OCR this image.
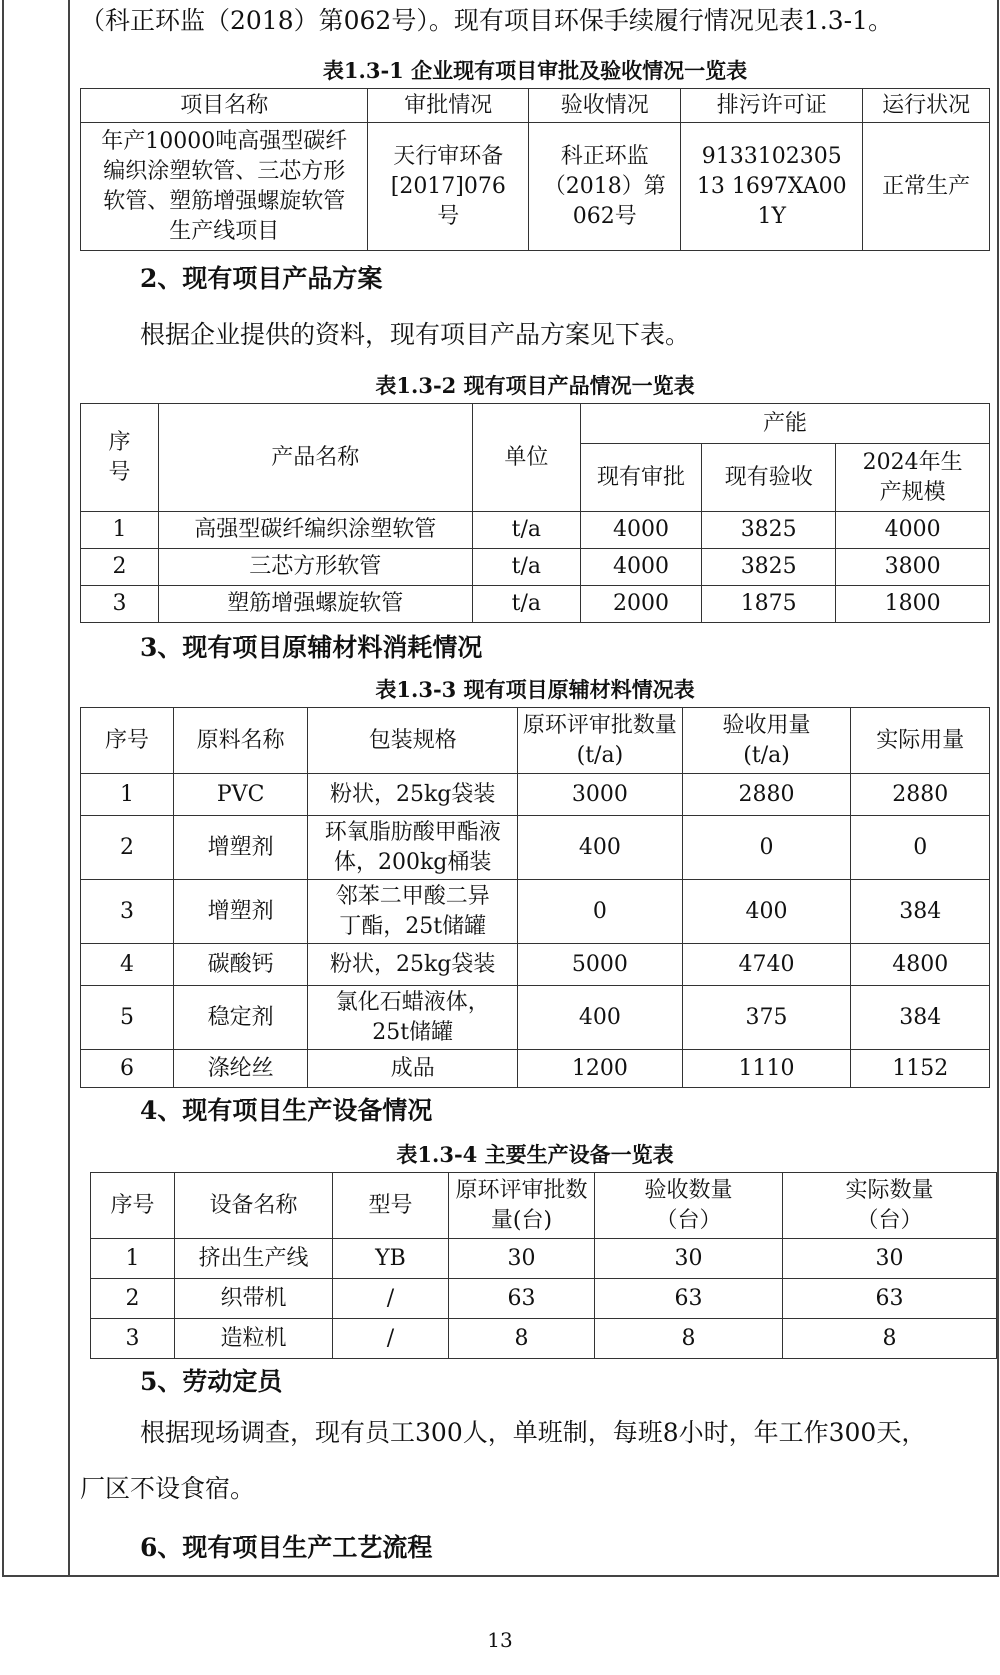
（科正环监（2018）第062号）。现有项目环保手续履行情况见表1.3-1。
表1.3-1 企业现有项目审批及验收情况一览表
项目名称	审批情况	验收情况	排污许可证	运行状况
年产10000吨高强型碳纤编织涂塑软管、三芯方形软管、塑筋增强螺旋软管生产线项目	天行审环备[2017]076号	科正环监（2018）第062号	913310230513 1697XA001Y	正常生产
2、现有项目产品方案
根据企业提供的资料，现有项目产品方案见下表。
表1.3-2 现有项目产品情况一览表
序号	产品名称	单位	产能		
			现有审批	现有验收	2024年生产规模
1	高强型碳纤编织涂塑软管	t/a	4000	3825	4000
2	三芯方形软管	t/a	4000	3825	3800
3	塑筋增强螺旋软管	t/a	2000	1875	1800
3、现有项目原辅材料消耗情况
表1.3-3 现有项目原辅材料情况表
序号	原料名称	包装规格	原环评审批数量(t/a)	验收用量(t/a)	实际用量
1	PVC	粉状，25kg袋装	3000	2880	2880
2	增塑剂	环氧脂肪酸甲酯液体，200kg桶装	400	0	0
3	增塑剂	邻苯二甲酸二异丁酯，25t储罐	0	400	384
4	碳酸钙	粉状，25kg袋装	5000	4740	4800
5	稳定剂	氯化石蜡液体，25t储罐	400	375	384
6	涤纶丝	成品	1200	1110	1152
4、现有项目生产设备情况
表1.3-4 主要生产设备一览表
序号	设备名称	型号	原环评审批数量(台)	验收数量（台）	实际数量（台）
1	挤出生产线	YB	30	30	30
2	织带机	/	63	63	63
3	造粒机	/	8	8	8
5、劳动定员
根据现场调查，现有员工300人，单班制，每班8小时，年工作300天，
厂区不设食宿。
6、现有项目生产工艺流程
13
